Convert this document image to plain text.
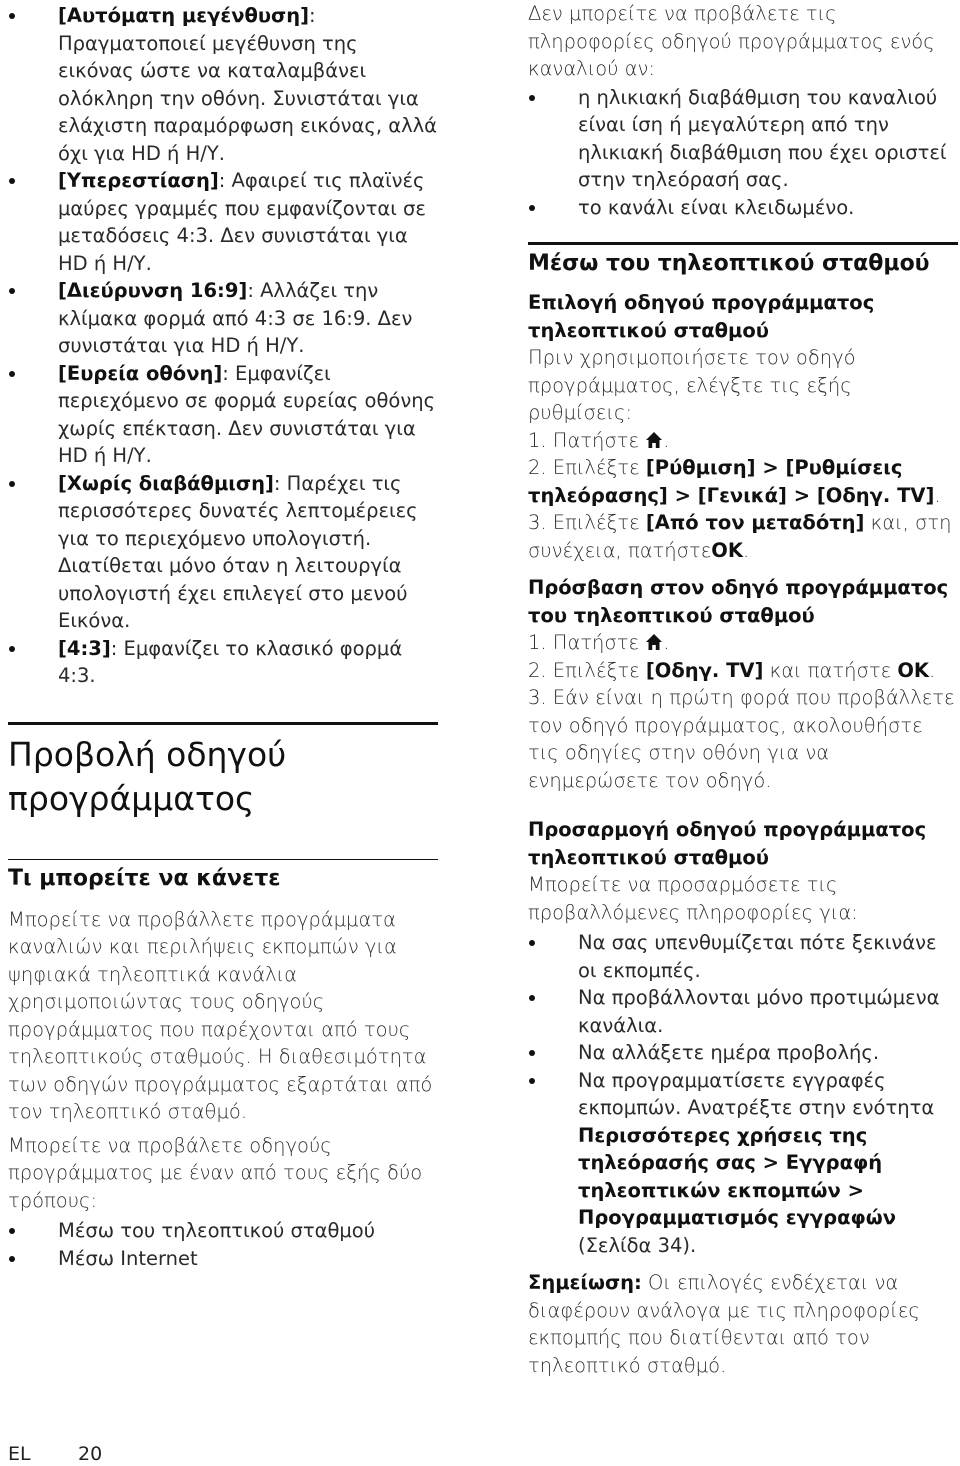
[Αυτόματη μεγένθυση]: Πραγματοποιεί μεγέθυνση της εικόνας ώστε να καταλαμβάνει ολόκληρη την οθόνη. Συνιστάται για ελάχιστη παραμόρφωση εικόνας, αλλά όχι για HD ή Η/Υ.
[Υπερεστίαση]: Αφαιρεί τις πλαϊνές μαύρες γραμμές που εμφανίζονται σε μεταδόσεις 4:3. Δεν συνιστάται για HD ή Η/Υ.
[Διεύρυνση 16:9]: Αλλάζει την κλίμακα φορμά από 4:3 σε 16:9. Δεν συνιστάται για HD ή Η/Υ.
[Ευρεία οθόνη]: Εμφανίζει περιεχόμενο σε φορμά ευρείας οθόνης χωρίς επέκταση. Δεν συνιστάται για HD ή Η/Υ.
[Χωρίς διαβάθμιση]: Παρέχει τις περισσότερες δυνατές λεπτομέρειες για το περιεχόμενο υπολογιστή. Διατίθεται μόνο όταν η λειτουργία υπολογιστή έχει επιλεγεί στο μενού Εικόνα.
[4:3]: Εμφανίζει το κλασικό φορμά 4:3.
Προβολή οδηγού προγράμματος
Τι μπορείτε να κάνετε

Μπορείτε να προβάλλετε προγράμματα καναλιών και περιλήψεις εκπομπών για ψηφιακά τηλεοπτικά κανάλια χρησιμοποιώντας τους οδηγούς προγράμματος που παρέχονται από τους τηλεοπτικούς σταθμούς. Η διαθεσιμότητα των οδηγών προγράμματος εξαρτάται από τον τηλεοπτικό σταθμό.

Μπορείτε να προβάλετε οδηγούς προγράμματος με έναν από τους εξής δύο τρόπους:

Μέσω του τηλεοπτικού σταθμού
Μέσω Internet

Δεν μπορείτε να προβάλετε τις πληροφορίες οδηγού προγράμματος ενός καναλιού αν:

η ηλικιακή διαβάθμιση του καναλιού είναι ίση ή μεγαλύτερη από την ηλικιακή διαβάθμιση που έχει οριστεί στην τηλεόρασή σας.
το κανάλι είναι κλειδωμένο.
Μέσω του τηλεοπτικού σταθμού
Επιλογή οδηγού προγράμματος τηλεοπτικού σταθμού

Πριν χρησιμοποιήσετε τον οδηγό προγράμματος, ελέγξτε τις εξής ρυθμίσεις:

1. Πατήστε .

2. Επιλέξτε [Ρύθμιση] > [Ρυθμίσεις τηλεόρασης] > [Γενικά] > [Οδηγ. TV].

3. Επιλέξτε [Από τον μεταδότη] και, στη συνέχεια, πατήστεOK.

Πρόσβαση στον οδηγό προγράμματος του τηλεοπτικού σταθμού

1. Πατήστε .

2. Επιλέξτε [Οδηγ. TV] και πατήστε OK.

3. Εάν είναι η πρώτη φορά που προβάλλετε τον οδηγό προγράμματος, ακολουθήστε τις οδηγίες στην οθόνη για να ενημερώσετε τον οδηγό.

Προσαρμογή οδηγού προγράμματος τηλεοπτικού σταθμού

Μπορείτε να προσαρμόσετε τις προβαλλόμενες πληροφορίες για:

Να σας υπενθυμίζεται πότε ξεκινάνε οι εκπομπές.
Να προβάλλονται μόνο προτιμώμενα κανάλια.
Να αλλάξετε ημέρα προβολής.
Να προγραμματίσετε εγγραφές εκπομπών. Ανατρέξτε στην ενότητα Περισσότερες χρήσεις της τηλεόρασής σας > Εγγραφή τηλεοπτικών εκπομπών > Προγραμματισμός εγγραφών (Σελίδα 34).

Σημείωση: Οι επιλογές ενδέχεται να διαφέρουν ανάλογα με τις πληροφορίες εκπομπής που διατίθενται από τον τηλεοπτικό σταθμό.

EL 20
